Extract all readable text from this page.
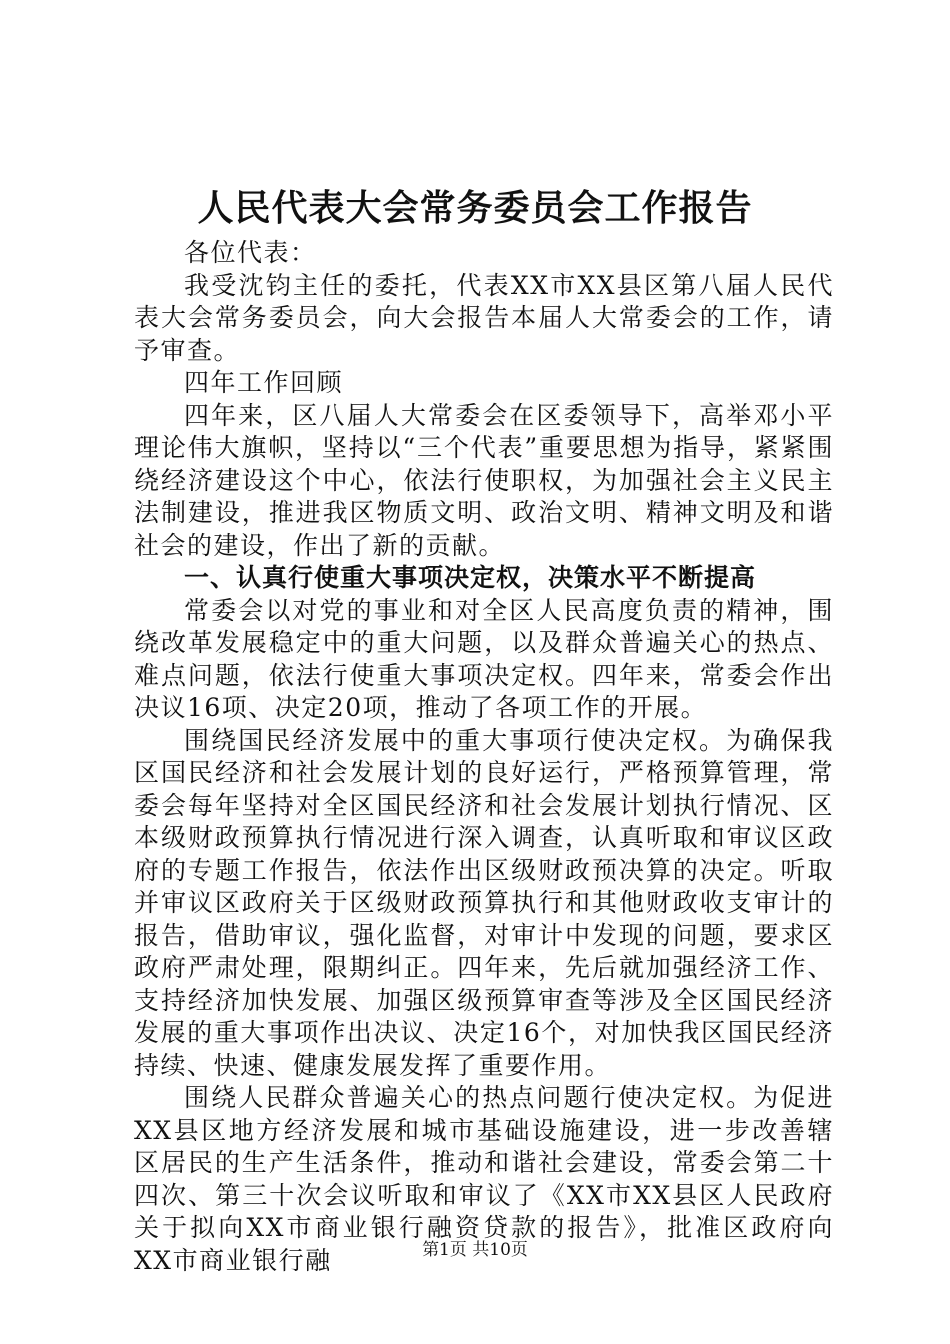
人民代表大会常务委员会工作报告

各位代表：

我受沈钧主任的委托，代表XX市XX县区第八届人民代表大会常务委员会，向大会报告本届人大常委会的工作，请予审查。

四年工作回顾

四年来，区八届人大常委会在区委领导下，高举邓小平理论伟大旗帜，坚持以“三个代表”重要思想为指导，紧紧围绕经济建设这个中心，依法行使职权，为加强社会主义民主法制建设，推进我区物质文明、政治文明、精神文明及和谐社会的建设，作出了新的贡献。

一、认真行使重大事项决定权，决策水平不断提高

常委会以对党的事业和对全区人民高度负责的精神，围绕改革发展稳定中的重大问题，以及群众普遍关心的热点、难点问题，依法行使重大事项决定权。四年来，常委会作出决议16项、决定20项，推动了各项工作的开展。

围绕国民经济发展中的重大事项行使决定权。为确保我区国民经济和社会发展计划的良好运行，严格预算管理，常委会每年坚持对全区国民经济和社会发展计划执行情况、区本级财政预算执行情况进行深入调查，认真听取和审议区政府的专题工作报告，依法作出区级财政预决算的决定。听取并审议区政府关于区级财政预算执行和其他财政收支审计的报告，借助审议，强化监督，对审计中发现的问题，要求区政府严肃处理，限期纠正。四年来，先后就加强经济工作、支持经济加快发展、加强区级预算审查等涉及全区国民经济发展的重大事项作出决议、决定16个，对加快我区国民经济持续、快速、健康发展发挥了重要作用。

围绕人民群众普遍关心的热点问题行使决定权。为促进XX县区地方经济发展和城市基础设施建设，进一步改善辖区居民的生产生活条件，推动和谐社会建设，常委会第二十四次、第三十次会议听取和审议了《XX市XX县区人民政府关于拟向XX市商业银行融资贷款的报告》，批准区政府向XX市商业银行融	第1页 共10页
